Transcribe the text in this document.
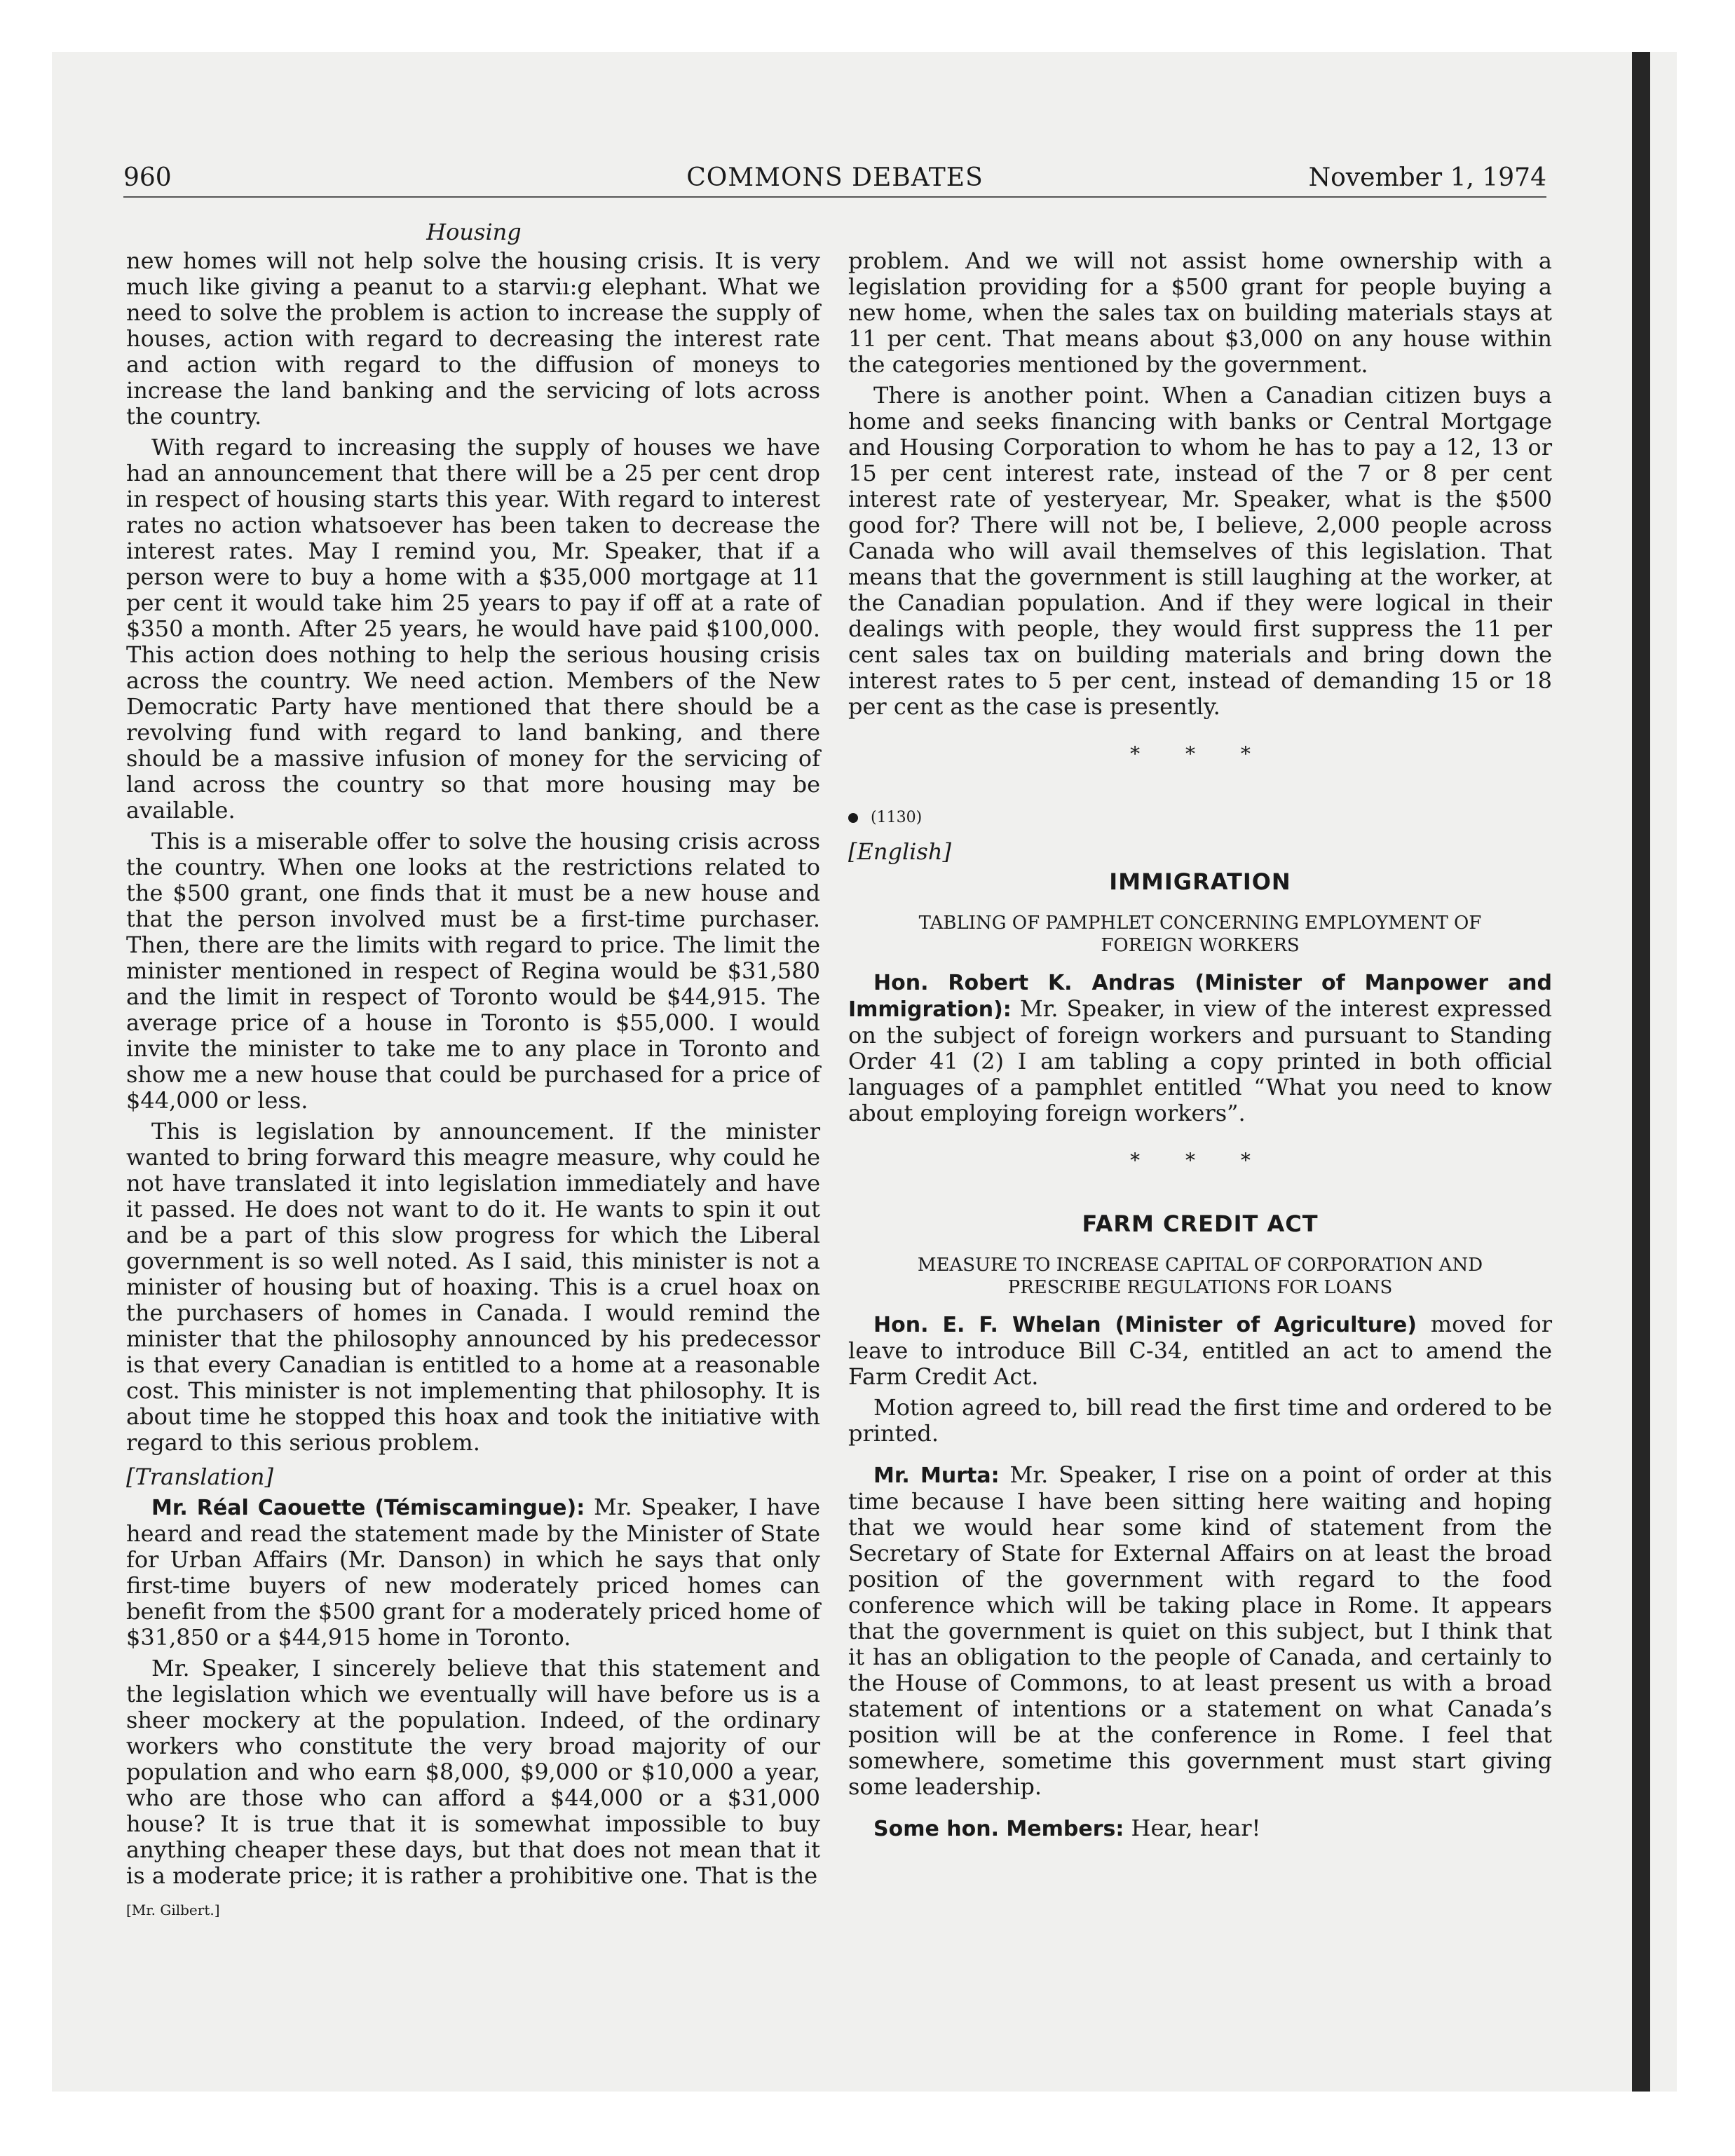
960	COMMONS DEBATES	November 1, 1974
Housing

new homes will not help solve the housing crisis. It is very much like giving a peanut to a starviı:g elephant. What we need to solve the problem is action to increase the supply of houses, action with regard to decreasing the interest rate and action with regard to the diffusion of moneys to increase the land banking and the servicing of lots across the country.

With regard to increasing the supply of houses we have had an announcement that there will be a 25 per cent drop in respect of housing starts this year. With regard to interest rates no action whatsoever has been taken to decrease the interest rates. May I remind you, Mr. Speaker, that if a person were to buy a home with a $35,000 mortgage at 11 per cent it would take him 25 years to pay if off at a rate of $350 a month. After 25 years, he would have paid $100,000. This action does nothing to help the serious housing crisis across the country. We need action. Members of the New Democratic Party have mentioned that there should be a revolving fund with regard to land banking, and there should be a massive infusion of money for the servicing of land across the country so that more housing may be available.

This is a miserable offer to solve the housing crisis across the country. When one looks at the restrictions related to the $500 grant, one finds that it must be a new house and that the person involved must be a first-time purchaser. Then, there are the limits with regard to price. The limit the minister mentioned in respect of Regina would be $31,580 and the limit in respect of Toronto would be $44,915. The average price of a house in Toronto is $55,000. I would invite the minister to take me to any place in Toronto and show me a new house that could be purchased for a price of $44,000 or less.

This is legislation by announcement. If the minister wanted to bring forward this meagre measure, why could he not have translated it into legislation immediately and have it passed. He does not want to do it. He wants to spin it out and be a part of this slow progress for which the Liberal government is so well noted. As I said, this minister is not a minister of housing but of hoaxing. This is a cruel hoax on the purchasers of homes in Canada. I would remind the minister that the philosophy announced by his predecessor is that every Canadian is entitled to a home at a reasonable cost. This minister is not implementing that philosophy. It is about time he stopped this hoax and took the initiative with regard to this serious problem.

[Translation]

Mr. Réal Caouette (Témiscamingue): Mr. Speaker, I have heard and read the statement made by the Minister of State for Urban Affairs (Mr. Danson) in which he says that only first-time buyers of new moderately priced homes can benefit from the $500 grant for a moderately priced home of $31,850 or a $44,915 home in Toronto.

Mr. Speaker, I sincerely believe that this statement and the legislation which we eventually will have before us is a sheer mockery at the population. Indeed, of the ordinary workers who constitute the very broad majority of our population and who earn $8,000, $9,000 or $10,000 a year, who are those who can afford a $44,000 or a $31,000 house? It is true that it is somewhat impossible to buy anything cheaper these days, but that does not mean that it is a moderate price; it is rather a prohibitive one. That is the

[Mr. Gilbert.]

problem. And we will not assist home ownership with a legislation providing for a $500 grant for people buying a new home, when the sales tax on building materials stays at 11 per cent. That means about $3,000 on any house within the categories mentioned by the government.

There is another point. When a Canadian citizen buys a home and seeks financing with banks or Central Mortgage and Housing Corporation to whom he has to pay a 12, 13 or 15 per cent interest rate, instead of the 7 or 8 per cent interest rate of yesteryear, Mr. Speaker, what is the $500 good for? There will not be, I believe, 2,000 people across Canada who will avail themselves of this legislation. That means that the government is still laughing at the worker, at the Canadian population. And if they were logical in their dealings with people, they would first suppress the 11 per cent sales tax on building materials and bring down the interest rates to 5 per cent, instead of demanding 15 or 18 per cent as the case is presently.

* * *
(1130)
[English]
IMMIGRATION
TABLING OF PAMPHLET CONCERNING EMPLOYMENT OF FOREIGN WORKERS

Hon. Robert K. Andras (Minister of Manpower and Immigration): Mr. Speaker, in view of the interest expressed on the subject of foreign workers and pursuant to Standing Order 41 (2) I am tabling a copy printed in both official languages of a pamphlet entitled “What you need to know about employing foreign workers”.

* * *
FARM CREDIT ACT
MEASURE TO INCREASE CAPITAL OF CORPORATION AND PRESCRIBE REGULATIONS FOR LOANS

Hon. E. F. Whelan (Minister of Agriculture) moved for leave to introduce Bill C-34, entitled an act to amend the Farm Credit Act.

Motion agreed to, bill read the first time and ordered to be printed.

Mr. Murta: Mr. Speaker, I rise on a point of order at this time because I have been sitting here waiting and hoping that we would hear some kind of statement from the Secretary of State for External Affairs on at least the broad position of the government with regard to the food conference which will be taking place in Rome. It appears that the government is quiet on this subject, but I think that it has an obligation to the people of Canada, and certainly to the House of Commons, to at least present us with a broad statement of intentions or a statement on what Canada’s position will be at the conference in Rome. I feel that somewhere, sometime this government must start giving some leadership.

Some hon. Members: Hear, hear!
